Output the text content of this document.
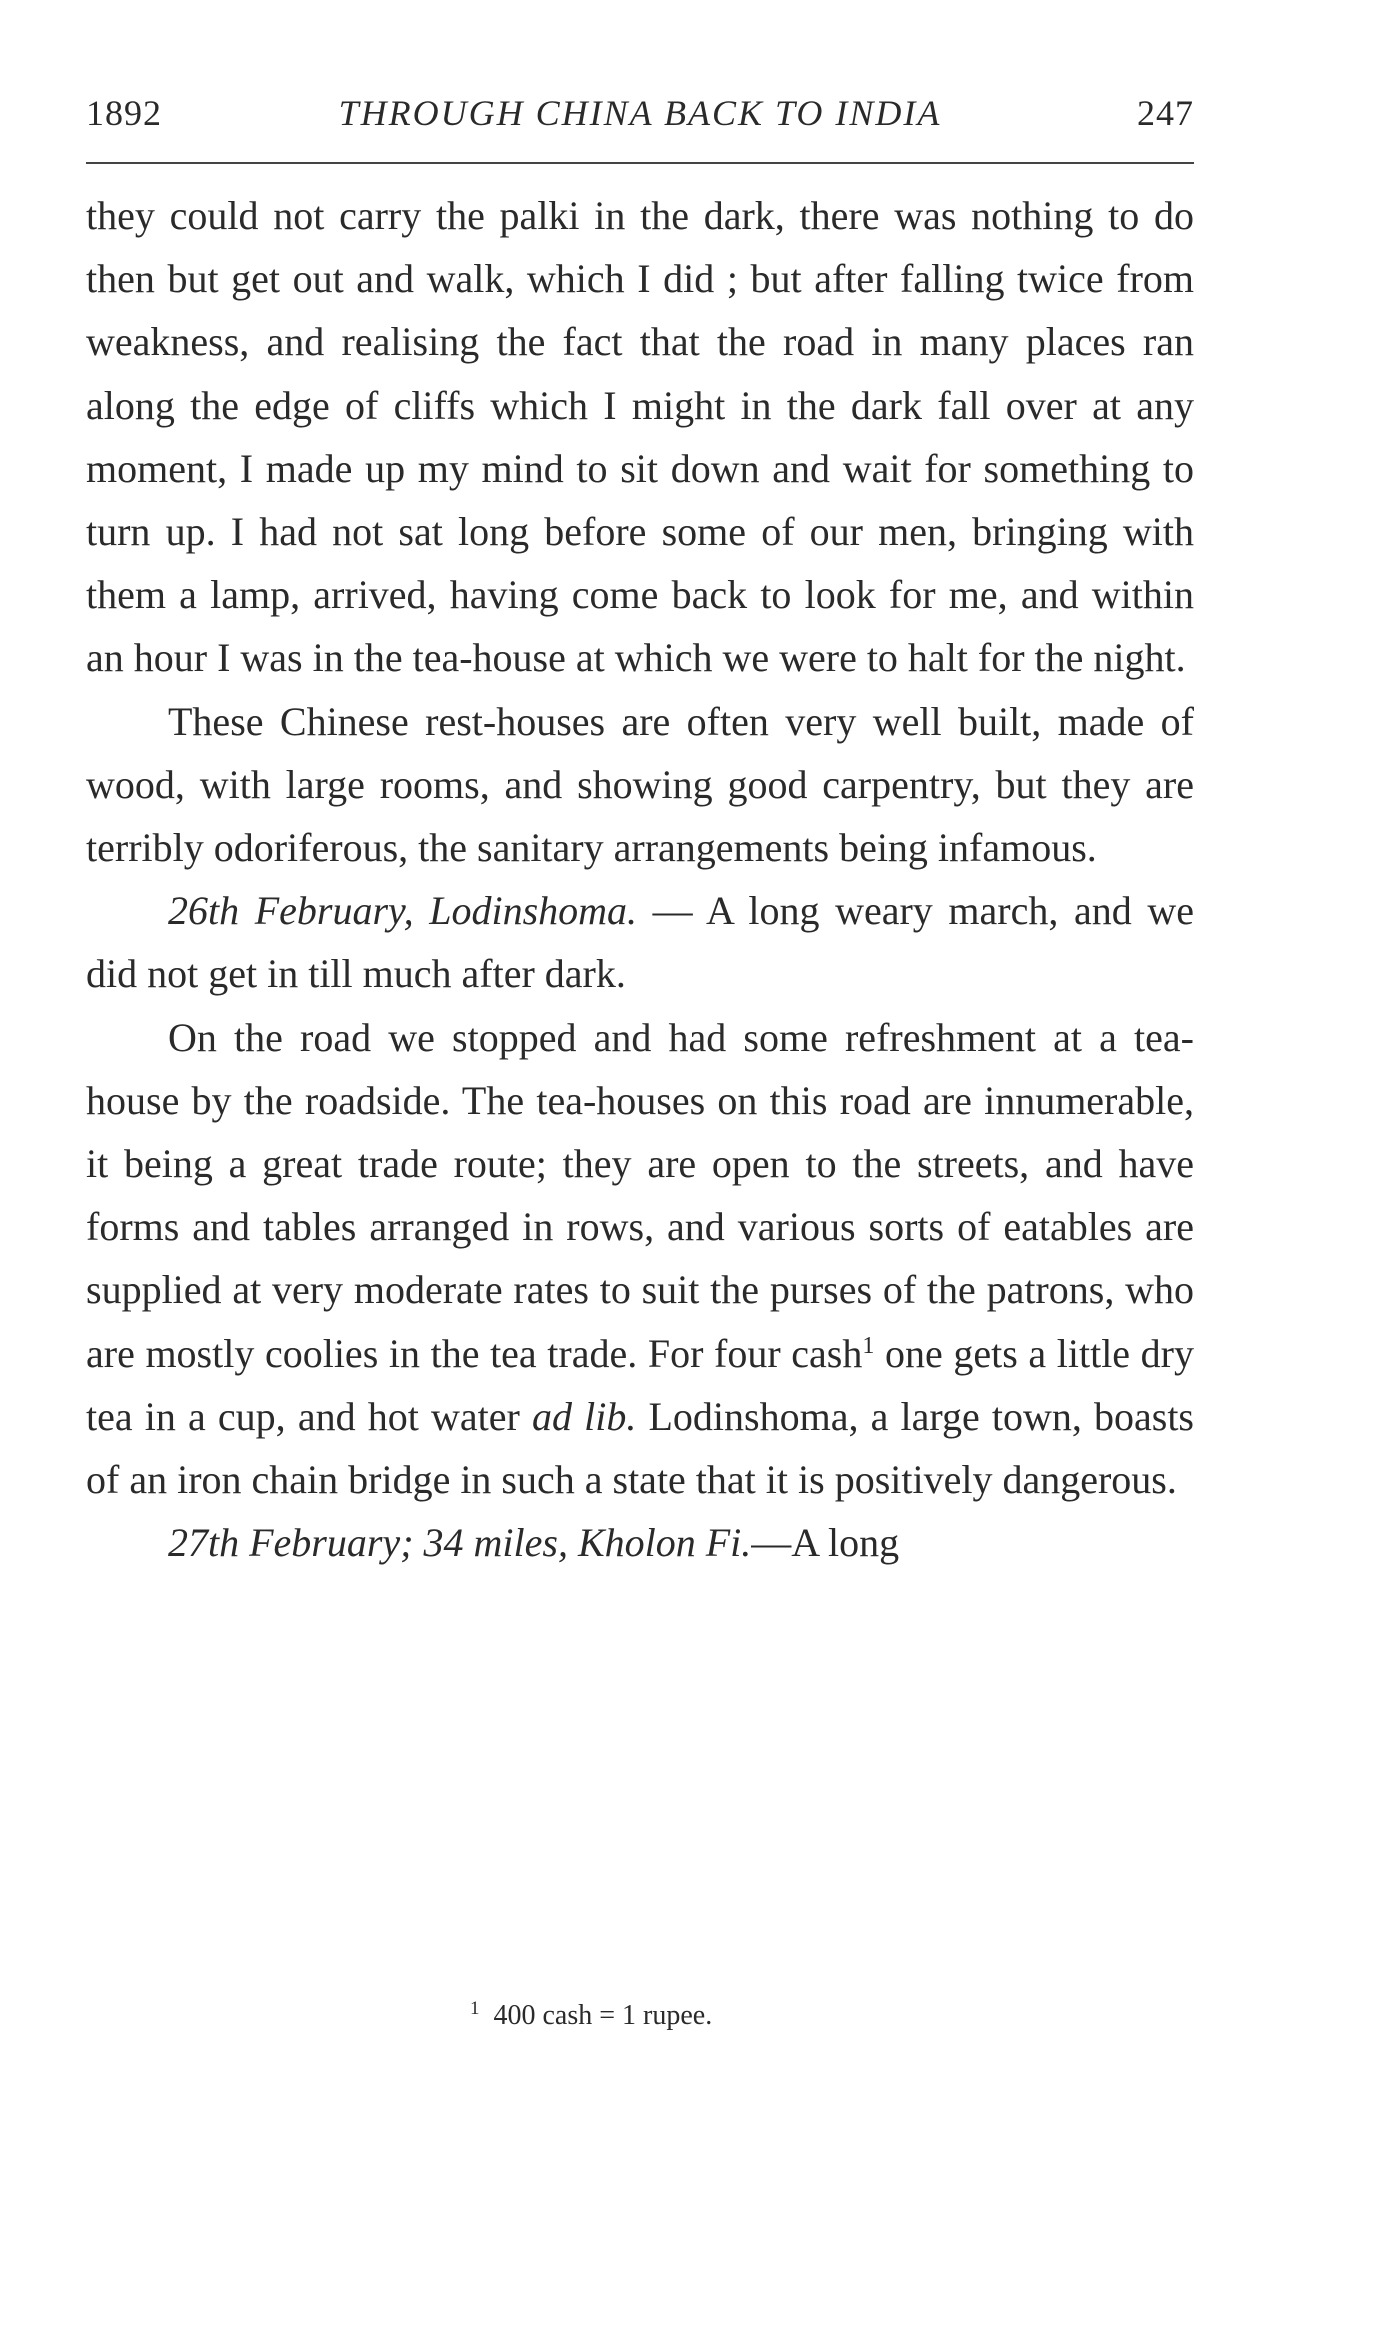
1892	THROUGH CHINA BACK TO INDIA	247

they could not carry the palki in the dark, there was nothing to do then but get out and walk, which I did ; but after falling twice from weakness, and realising the fact that the road in many places ran along the edge of cliffs which I might in the dark fall over at any moment, I made up my mind to sit down and wait for something to turn up. I had not sat long before some of our men, bringing with them a lamp, arrived, having come back to look for me, and within an hour I was in the tea-house at which we were to halt for the night.

These Chinese rest-houses are often very well built, made of wood, with large rooms, and showing good carpentry, but they are terribly odoriferous, the sanitary arrangements being infamous.

26th February, Lodinshoma. — A long weary march, and we did not get in till much after dark.

On the road we stopped and had some refreshment at a tea-house by the roadside. The tea-houses on this road are innumerable, it being a great trade route; they are open to the streets, and have forms and tables arranged in rows, and various sorts of eatables are supplied at very moderate rates to suit the purses of the patrons, who are mostly coolies in the tea trade. For four cash$^1$ one gets a little dry tea in a cup, and hot water ad lib. Lodinshoma, a large town, boasts of an iron chain bridge in such a state that it is positively dangerous.

27th February; 34 miles, Kholon Fi.—A long

$^1$ 400 cash = 1 rupee.
